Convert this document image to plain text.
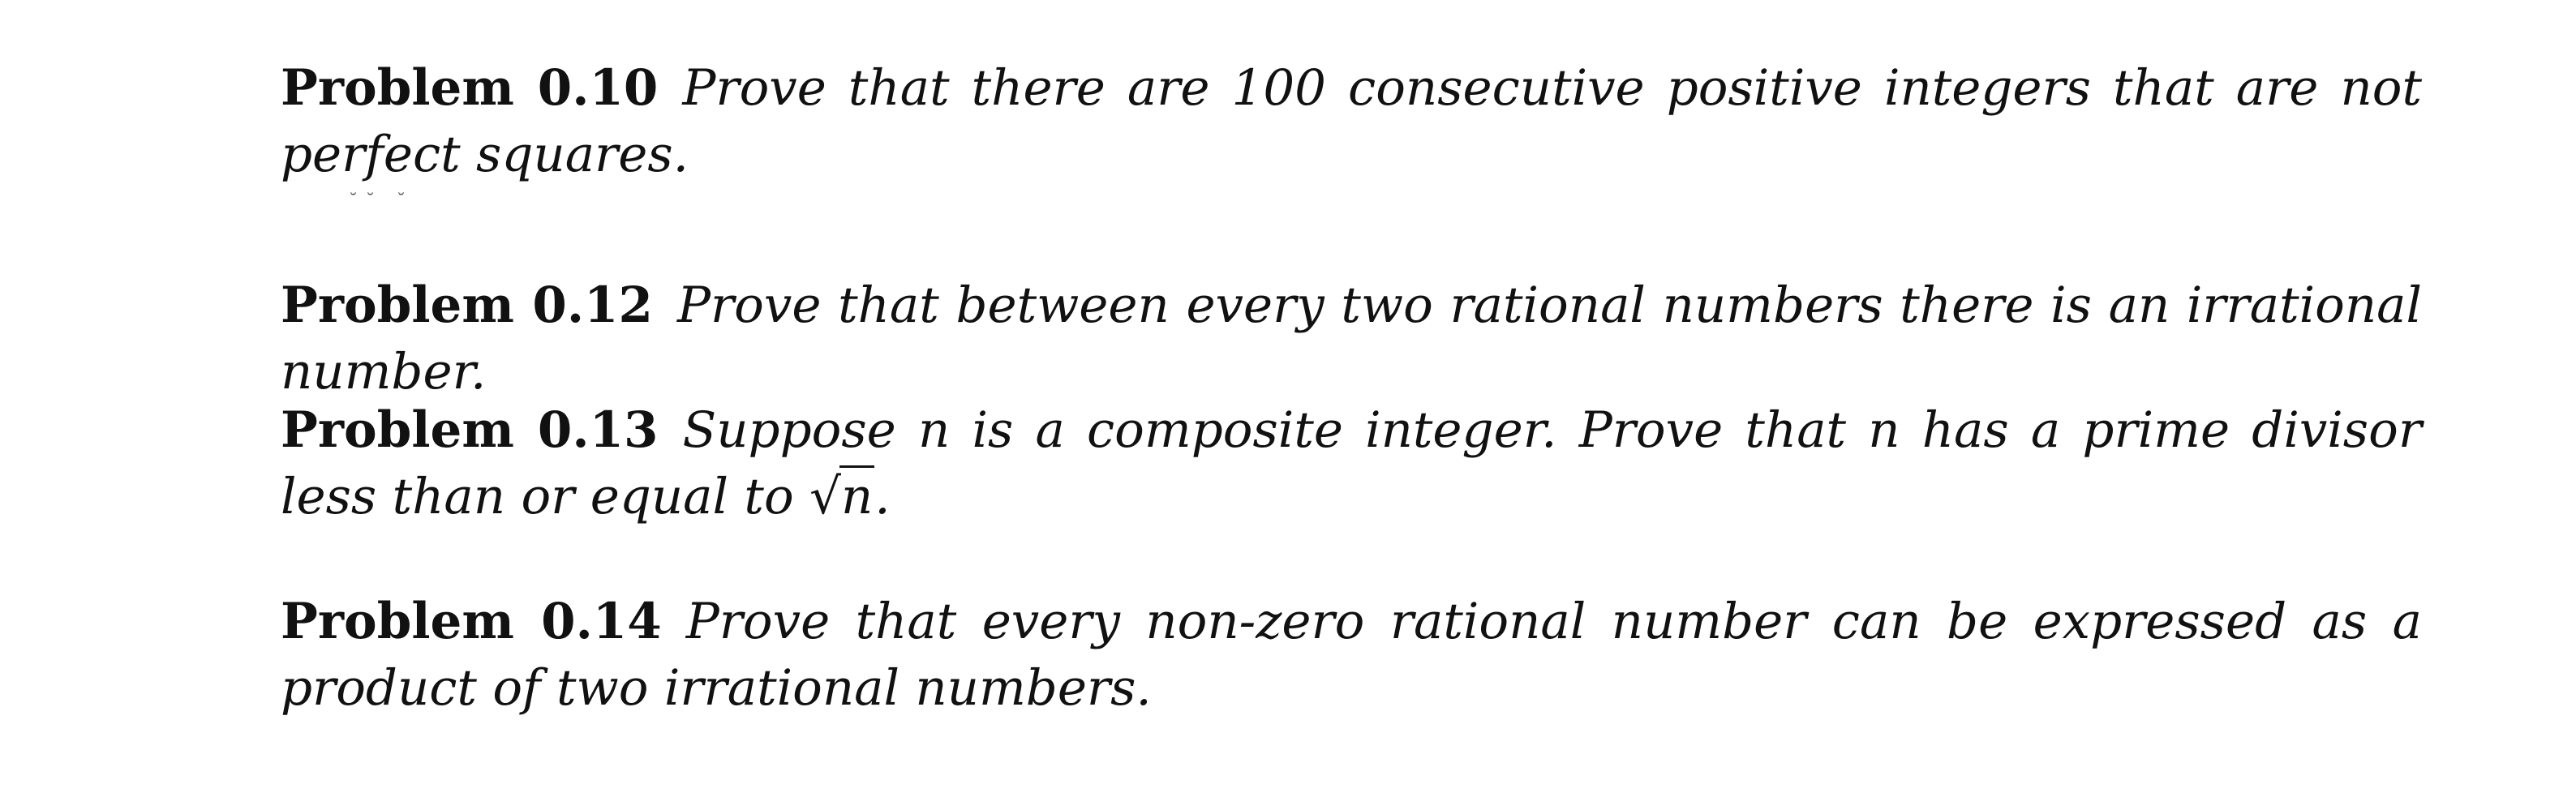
˘˘ ˘
Problem 0.10 Prove that there are 100 consecutive positive integers that are not perfect squares.
Problem 0.12 Prove that between every two rational numbers there is an irrational number.
Problem 0.13 Suppose n is a composite integer. Prove that n has a prime divisor less than or equal to √n.
Problem 0.14 Prove that every non-zero rational number can be expressed as a product of two irrational numbers.
